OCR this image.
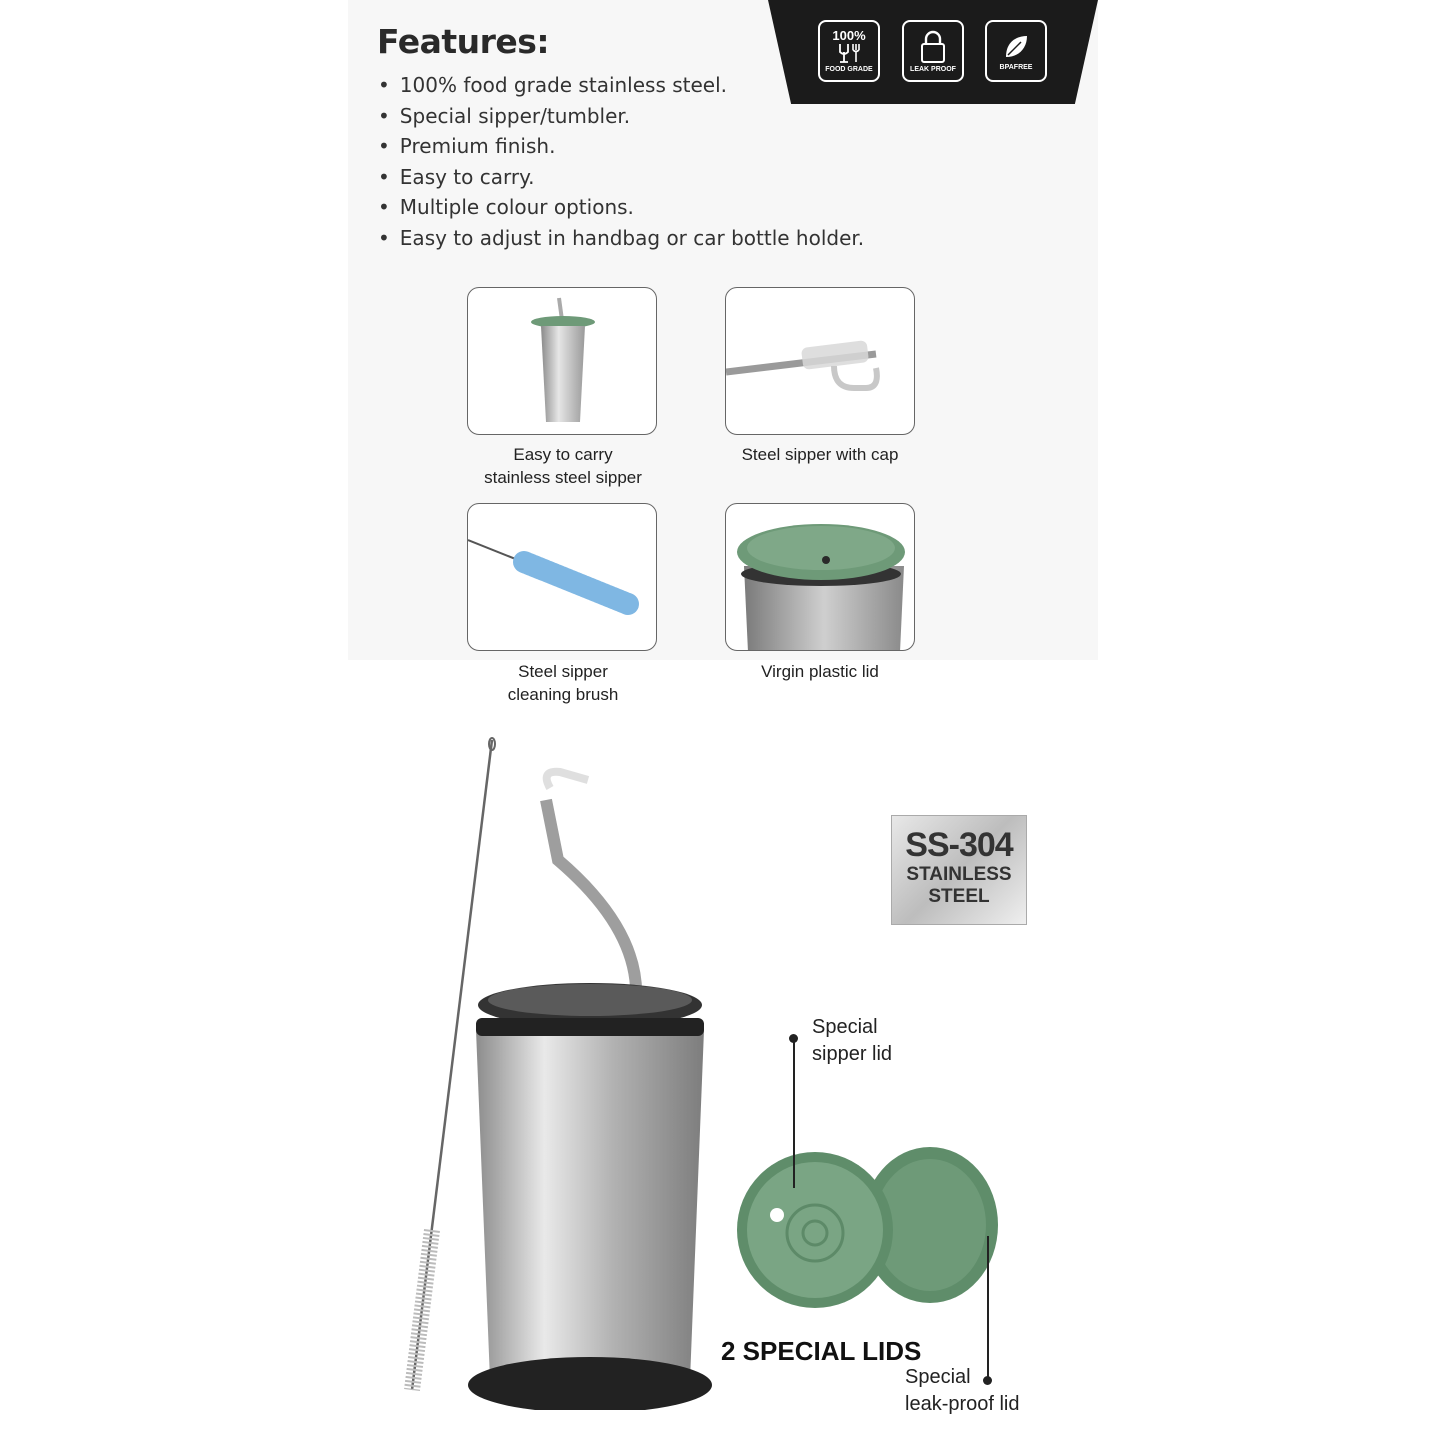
100%
FOOD GRADE	LEAK PROOF	BPAFREE
Features:
• 100% food grade stainless steel.
• Special sipper/tumbler.
• Premium finish.
• Easy to carry.
• Multiple colour options.
• Easy to adjust in handbag or car bottle holder.
Easy to carry
stainless steel sipper
Steel sipper with cap
Steel sipper
cleaning brush
Virgin plastic lid
SS-304
STAINLESS
STEEL
Special
sipper lid
2 SPECIAL LIDS
Special
leak-proof lid
